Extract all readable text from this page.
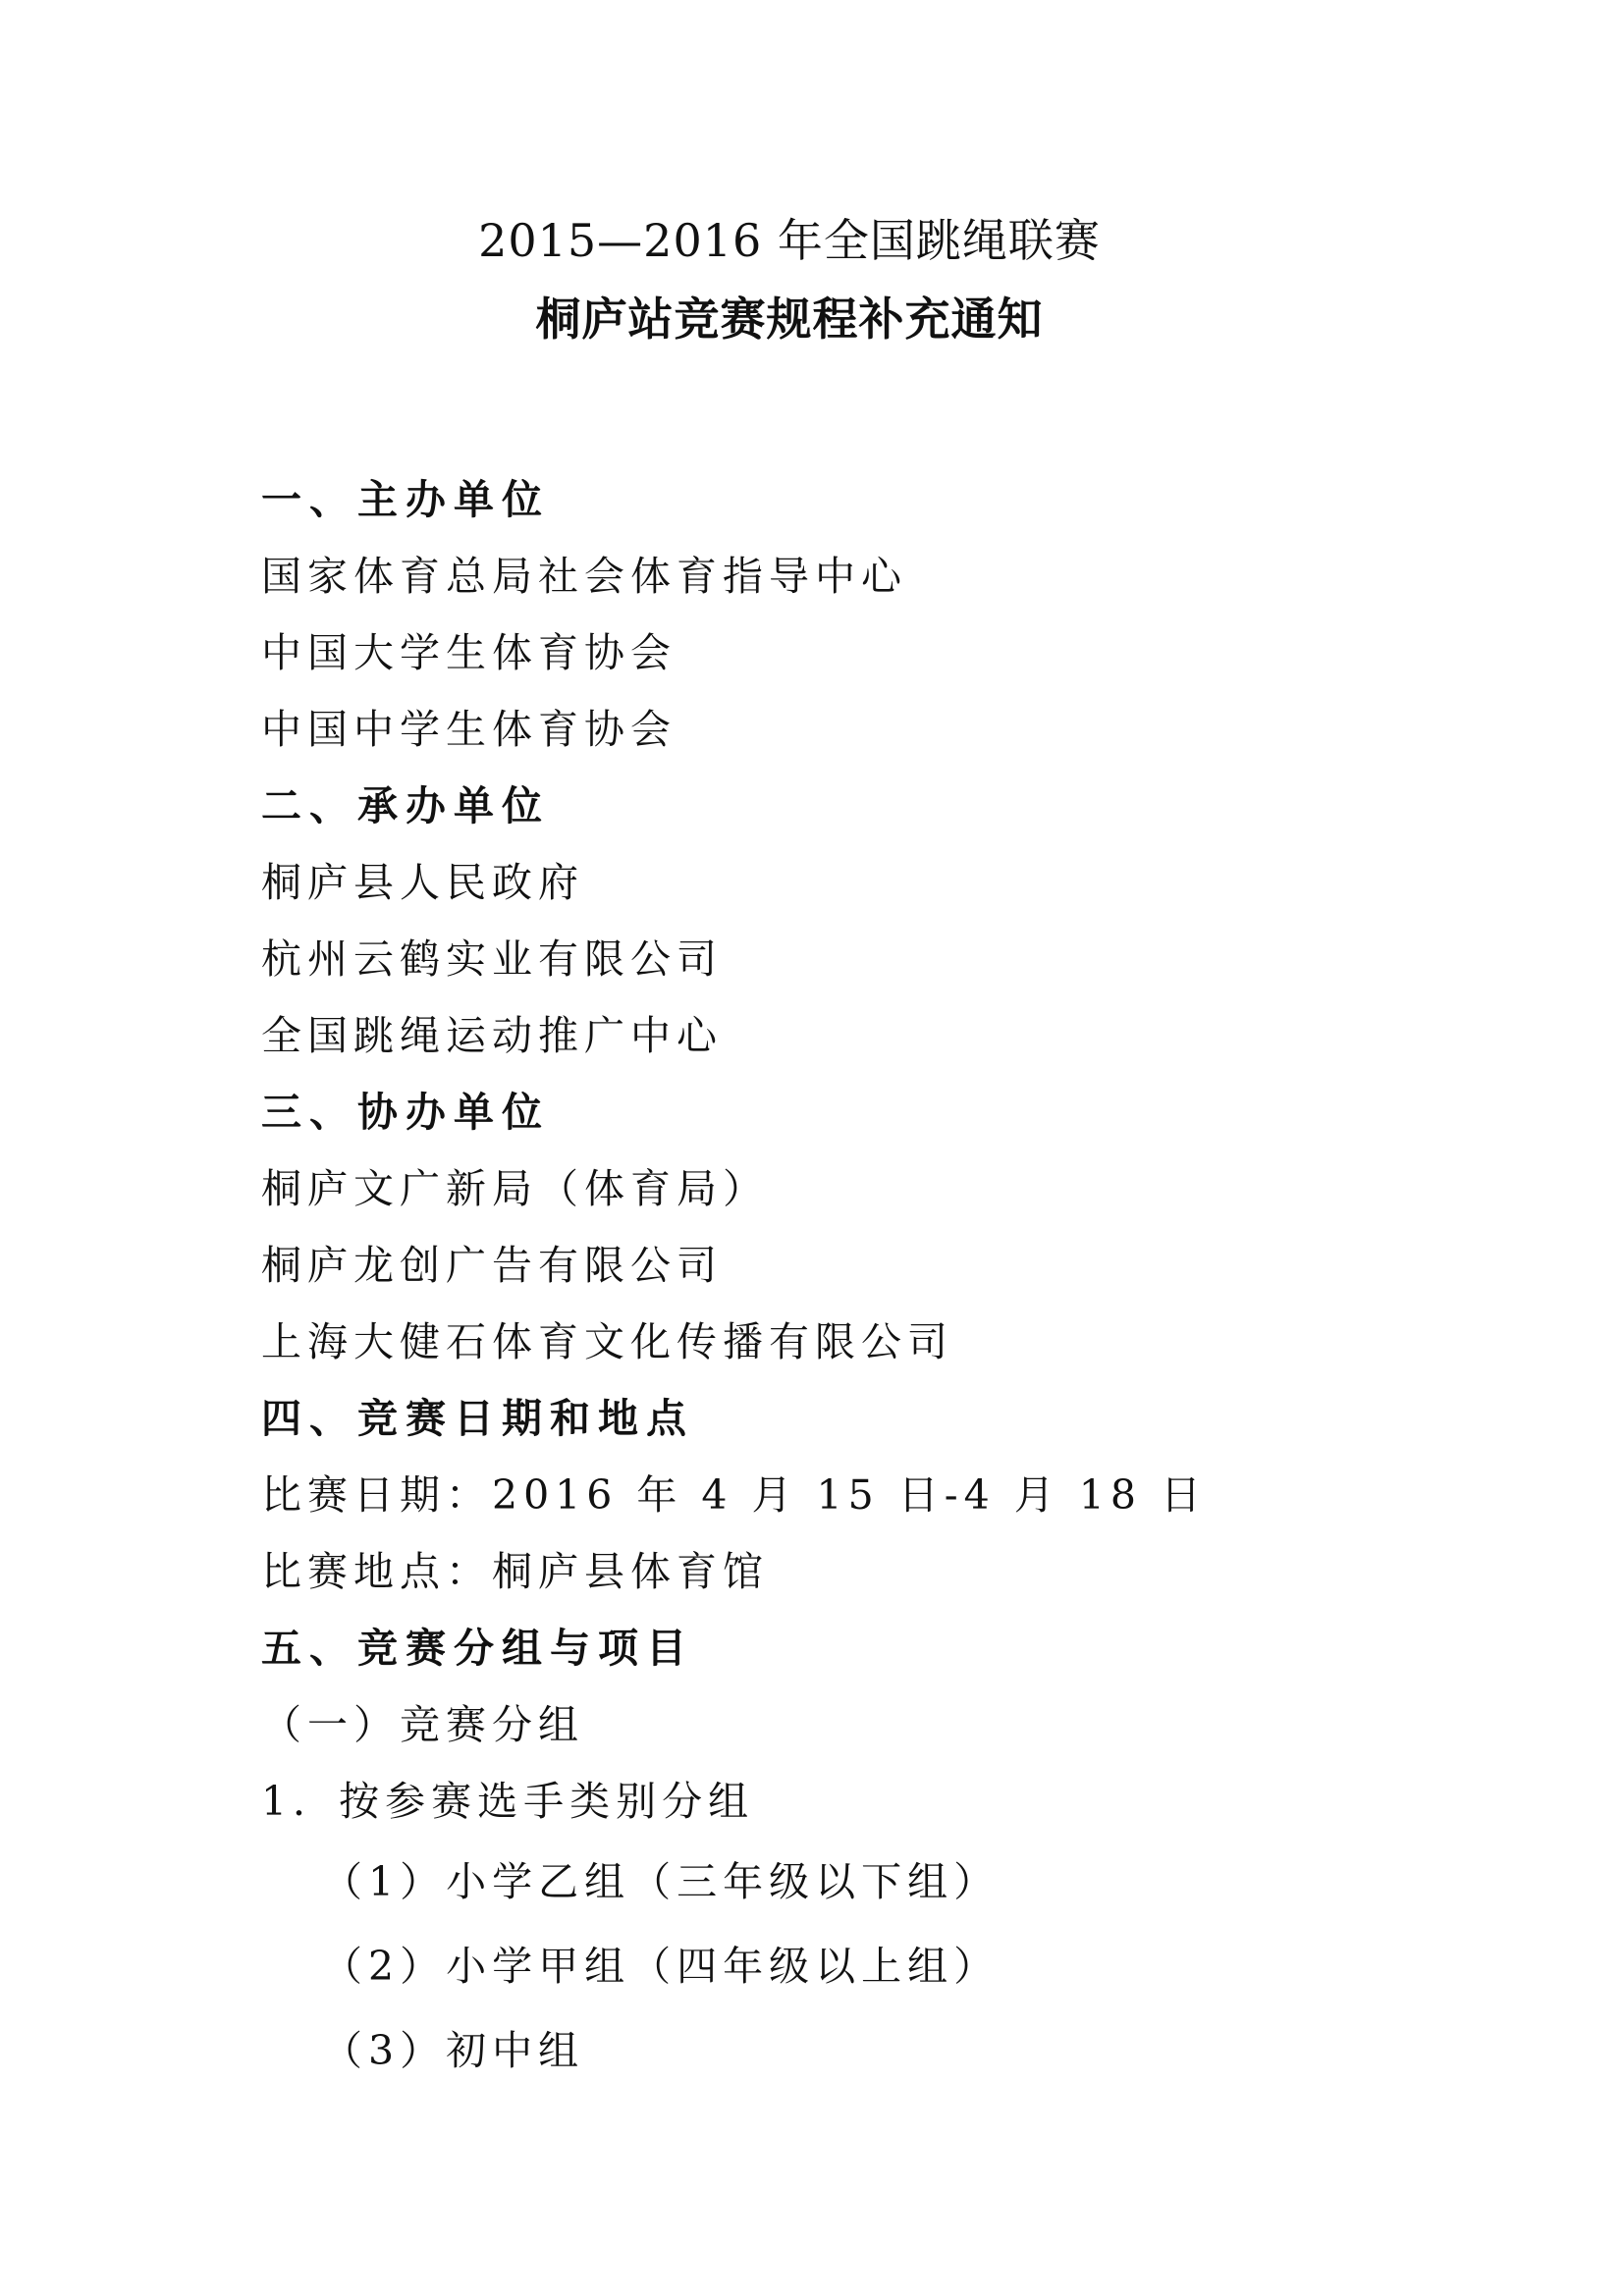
2015—2016 年全国跳绳联赛
桐庐站竞赛规程补充通知
一、主办单位
国家体育总局社会体育指导中心
中国大学生体育协会
中国中学生体育协会
二、承办单位
桐庐县人民政府
杭州云鹤实业有限公司
全国跳绳运动推广中心
三、协办单位
桐庐文广新局（体育局）
桐庐龙创广告有限公司
上海大健石体育文化传播有限公司
四、竞赛日期和地点
比赛日期：2016 年 4 月 15 日-4 月 18 日
比赛地点：桐庐县体育馆
五、竞赛分组与项目
（一）竞赛分组
1．按参赛选手类别分组
（1）小学乙组（三年级以下组）
（2）小学甲组（四年级以上组）
（3）初中组
